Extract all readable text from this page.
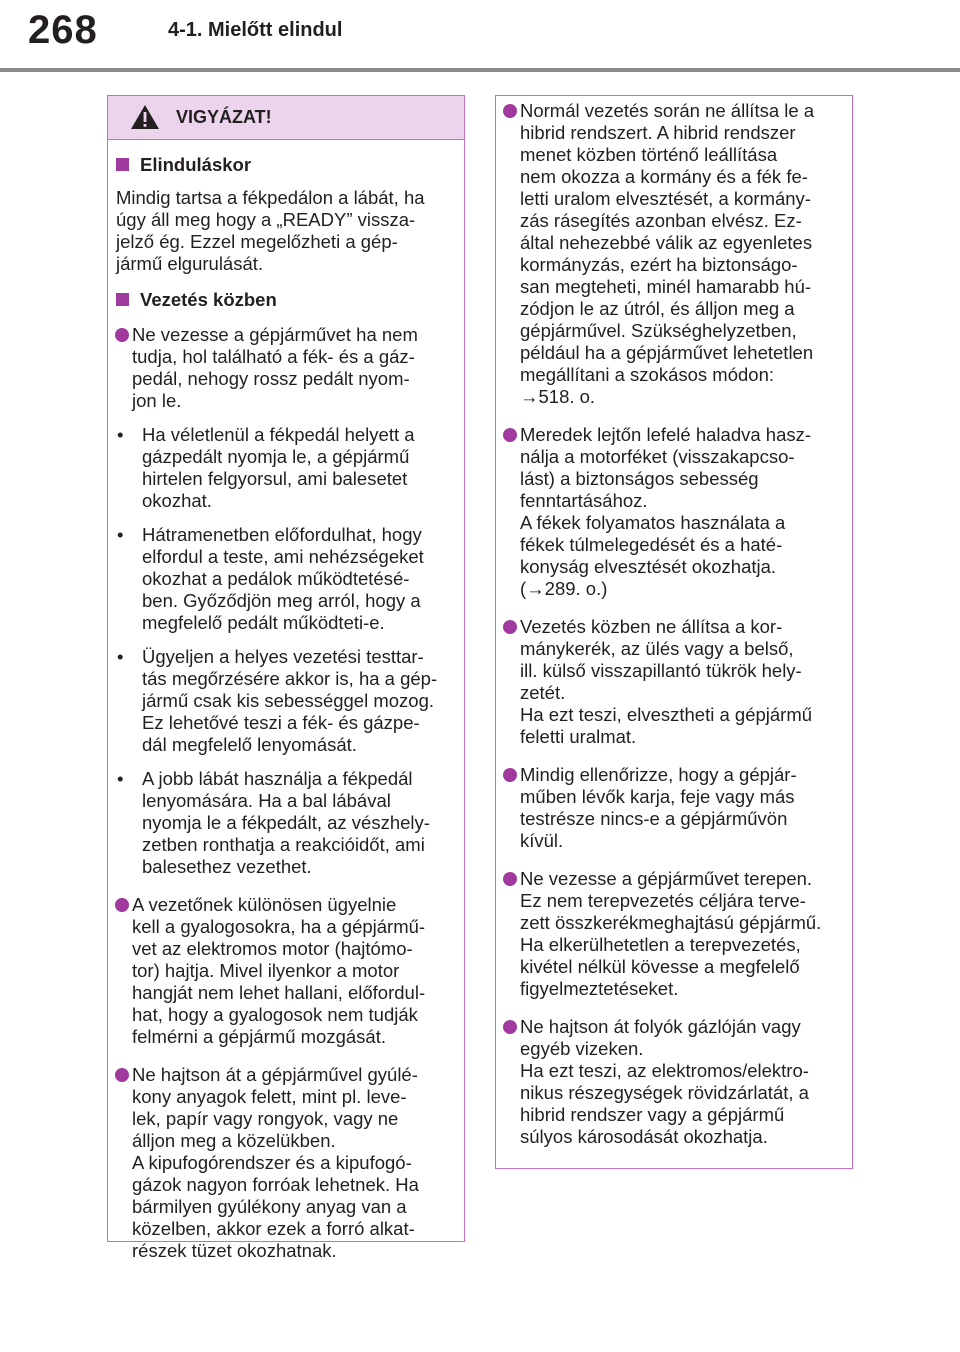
268	4-1. Mielőtt elindul
VIGYÁZAT!
Elinduláskor
Mindig tartsa a fékpedálon a lábát, ha
úgy áll meg hogy a „READY” vissza-
jelző ég. Ezzel megelőzheti a gép-
jármű elgurulását.
Vezetés közben
Ne vezesse a gépjárművet ha nem
tudja, hol található a fék- és a gáz-
pedál, nehogy rossz pedált nyom-
jon le.
• Ha véletlenül a fékpedál helyett a
gázpedált nyomja le, a gépjármű
hirtelen felgyorsul, ami balesetet
okozhat.
• Hátramenetben előfordulhat, hogy
elfordul a teste, ami nehézségeket
okozhat a pedálok működtetésé-
ben. Győződjön meg arról, hogy a
megfelelő pedált működteti-e.
• Ügyeljen a helyes vezetési testtar-
tás megőrzésére akkor is, ha a gép-
jármű csak kis sebességgel mozog.
Ez lehetővé teszi a fék- és gázpe-
dál megfelelő lenyomását.
• A jobb lábát használja a fékpedál
lenyomására. Ha a bal lábával
nyomja le a fékpedált, az vészhely-
zetben ronthatja a reakcióidőt, ami
balesethez vezethet.
A vezetőnek különösen ügyelnie
kell a gyalogosokra, ha a gépjármű-
vet az elektromos motor (hajtómo-
tor) hajtja. Mivel ilyenkor a motor
hangját nem lehet hallani, előfordul-
hat, hogy a gyalogosok nem tudják
felmérni a gépjármű mozgását.
Ne hajtson át a gépjárművel gyúlé-
kony anyagok felett, mint pl. leve-
lek, papír vagy rongyok, vagy ne
álljon meg a közelükben.
A kipufogórendszer és a kipufogó-
gázok nagyon forróak lehetnek. Ha
bármilyen gyúlékony anyag van a
közelben, akkor ezek a forró alkat-
részek tüzet okozhatnak.
Normál vezetés során ne állítsa le a
hibrid rendszert. A hibrid rendszer
menet közben történő leállítása
nem okozza a kormány és a fék fe-
letti uralom elvesztését, a kormány-
zás rásegítés azonban elvész. Ez-
által nehezebbé válik az egyenletes
kormányzás, ezért ha biztonságo-
san megteheti, minél hamarabb hú-
zódjon le az útról, és álljon meg a
gépjárművel. Szükséghelyzetben,
például ha a gépjárművet lehetetlen
megállítani a szokásos módon:
→518. o.
Meredek lejtőn lefelé haladva hasz-
nálja a motorféket (visszakapcso-
lást) a biztonságos sebesség
fenntartásához.
A fékek folyamatos használata a
fékek túlmelegedését és a haté-
konyság elvesztését okozhatja.
(→289. o.)
Vezetés közben ne állítsa a kor-
mánykerék, az ülés vagy a belső,
ill. külső visszapillantó tükrök hely-
zetét.
Ha ezt teszi, elvesztheti a gépjármű
feletti uralmat.
Mindig ellenőrizze, hogy a gépjár-
műben lévők karja, feje vagy más
testrésze nincs-e a gépjárművön
kívül.
Ne vezesse a gépjárművet terepen.
Ez nem terepvezetés céljára terve-
zett összkerékmeghajtású gépjármű.
Ha elkerülhetetlen a terepvezetés,
kivétel nélkül kövesse a megfelelő
figyelmeztetéseket.
Ne hajtson át folyók gázlóján vagy
egyéb vizeken.
Ha ezt teszi, az elektromos/elektro-
nikus részegységek rövidzárlatát, a
hibrid rendszer vagy a gépjármű
súlyos károsodását okozhatja.
